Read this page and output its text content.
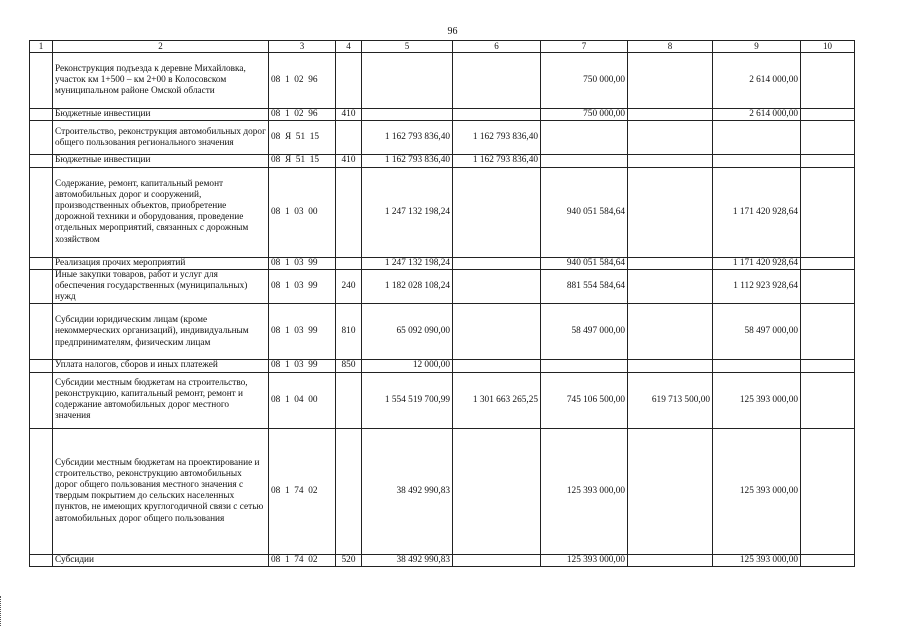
96
1	2	3	4	5	6	7	8	9	10
	Реконструкция подъезда к деревне Михайловка, участок км 1+500 – км 2+00 в Колосовском муниципальном районе Омской области	08  1  02  96				750 000,00		2 614 000,00	
	Бюджетные инвестиции	08  1  02  96	410			750 000,00		2 614 000,00	
	Строительство, реконструкция автомобильных дорог общего пользования регионального значения	08  Я  51  15		1 162 793 836,40	1 162 793 836,40				
	Бюджетные инвестиции	08  Я  51  15	410	1 162 793 836,40	1 162 793 836,40				
	Содержание, ремонт, капитальный ремонт автомобильных дорог и сооружений, производственных объектов, приобретение дорожной техники и оборудования, проведение отдельных мероприятий, связанных с дорожным хозяйством	08  1  03  00		1 247 132 198,24		940 051 584,64		1 171 420 928,64	
	Реализация прочих мероприятий	08  1  03  99		1 247 132 198,24		940 051 584,64		1 171 420 928,64	
	Иные закупки товаров, работ и услуг для обеспечения государственных (муниципальных) нужд	08  1  03  99	240	1 182 028 108,24		881 554 584,64		1 112 923 928,64	
	Субсидии юридическим лицам (кроме некоммерческих организаций), индивидуальным предпринимателям, физическим лицам	08  1  03  99	810	65 092 090,00		58 497 000,00		58 497 000,00	
	Уплата налогов, сборов и иных платежей	08  1  03  99	850	12 000,00					
	Субсидии местным бюджетам на строительство, реконструкцию, капитальный ремонт, ремонт и содержание автомобильных дорог местного значения	08  1  04  00		1 554 519 700,99	1 301 663 265,25	745 106 500,00	619 713 500,00	125 393 000,00	
	Субсидии местным бюджетам на проектирование и строительство, реконструкцию автомобильных дорог общего пользования местного значения с твердым покрытием до сельских населенных пунктов, не имеющих круглогодичной связи с сетью автомобильных дорог общего пользования	08  1  74  02		38 492 990,83		125 393 000,00		125 393 000,00	
	Субсидии	08  1  74  02	520	38 492 990,83		125 393 000,00		125 393 000,00	
